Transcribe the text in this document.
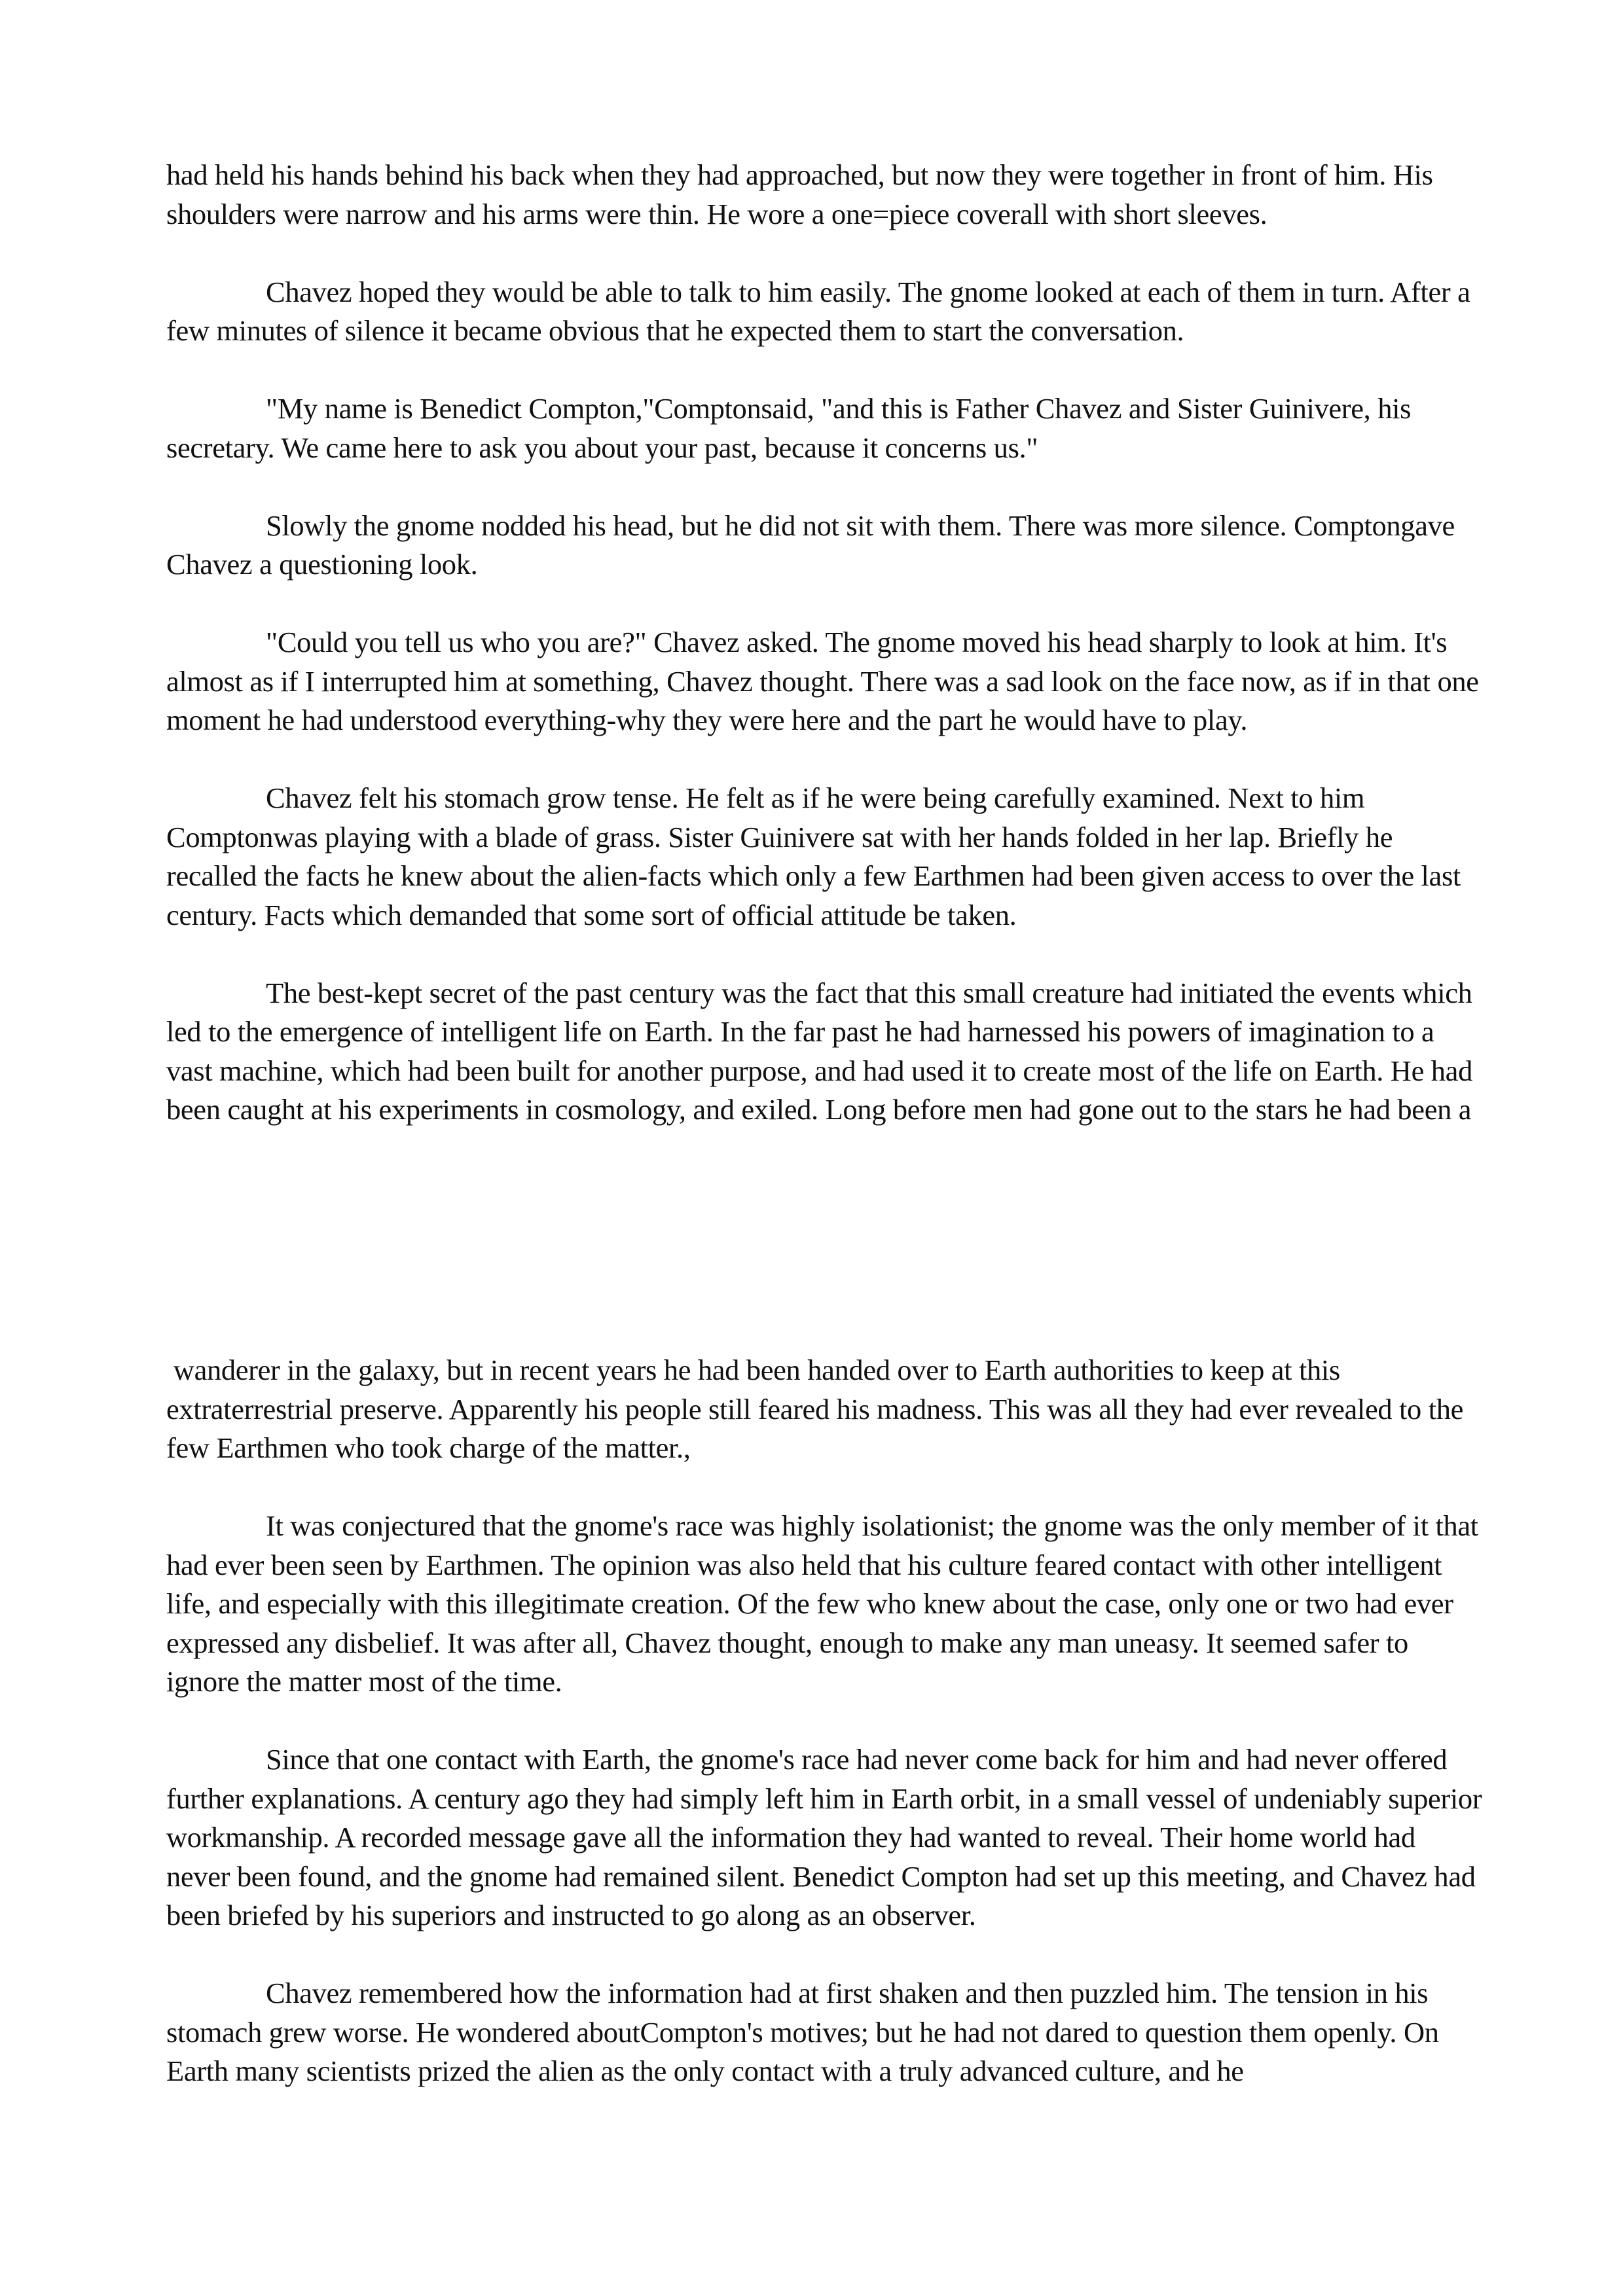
had held his hands behind his back when they had approached, but now they were together in front of him. His shoulders were narrow and his arms were thin. He wore a one=piece coverall with short sleeves.

Chavez hoped they would be able to talk to him easily. The gnome looked at each of them in turn. After a few minutes of silence it became obvious that he expected them to start the conversation.

"My name is Benedict Compton,"Comptonsaid, "and this is Father Chavez and Sister Guinivere, his secretary. We came here to ask you about your past, because it concerns us."

Slowly the gnome nodded his head, but he did not sit with them. There was more silence. Comptongave Chavez a questioning look.

"Could you tell us who you are?" Chavez asked. The gnome moved his head sharply to look at him. It's almost as if I interrupted him at something, Chavez thought. There was a sad look on the face now, as if in that one moment he had understood everything-why they were here and the part he would have to play.

Chavez felt his stomach grow tense. He felt as if he were being carefully examined. Next to him Comptonwas playing with a blade of grass. Sister Guinivere sat with her hands folded in her lap. Briefly he recalled the facts he knew about the alien-facts which only a few Earthmen had been given access to over the last century. Facts which demanded that some sort of official attitude be taken.

The best-kept secret of the past century was the fact that this small creature had initiated the events which led to the emergence of intelligent life on Earth. In the far past he had harnessed his powers of imagination to a vast machine, which had been built for another purpose, and had used it to create most of the life on Earth. He had been caught at his experiments in cosmology, and exiled. Long before men had gone out to the stars he had been a

wanderer in the galaxy, but in recent years he had been handed over to Earth authorities to keep at this extraterrestrial preserve. Apparently his people still feared his madness. This was all they had ever revealed to the few Earthmen who took charge of the matter.,

It was conjectured that the gnome's race was highly isolationist; the gnome was the only member of it that had ever been seen by Earthmen. The opinion was also held that his culture feared contact with other intelligent life, and especially with this illegitimate creation. Of the few who knew about the case, only one or two had ever expressed any disbelief. It was after all, Chavez thought, enough to make any man uneasy. It seemed safer to ignore the matter most of the time.

Since that one contact with Earth, the gnome's race had never come back for him and had never offered further explanations. A century ago they had simply left him in Earth orbit, in a small vessel of undeniably superior workmanship. A recorded message gave all the information they had wanted to reveal. Their home world had never been found, and the gnome had remained silent. Benedict Compton had set up this meeting, and Chavez had been briefed by his superiors and instructed to go along as an observer.

Chavez remembered how the information had at first shaken and then puzzled him. The tension in his stomach grew worse. He wondered aboutCompton's motives; but he had not dared to question them openly. On Earth many scientists prized the alien as the only contact with a truly advanced culture, and he
